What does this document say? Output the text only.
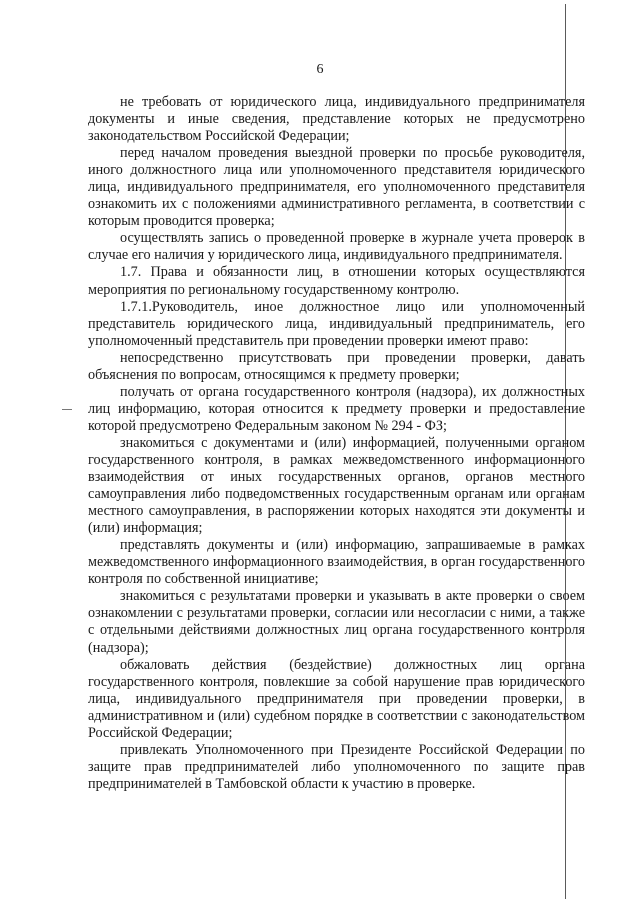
6

не требовать от юридического лица, индивидуального предпринимателя документы и иные сведения, представление которых не предусмотрено законодательством Российской Федерации;

перед началом проведения выездной проверки по просьбе руководителя, иного должностного лица или уполномоченного представителя юридического лица, индивидуального предпринимателя, его уполномоченного представителя ознакомить их с положениями административного регламента, в соответствии с которым проводится проверка;

осуществлять запись о проведенной проверке в журнале учета проверок в случае его наличия у юридического лица, индивидуального предпринимателя.

1.7. Права и обязанности лиц, в отношении которых осуществляются мероприятия по региональному государственному контролю.

1.7.1.Руководитель, иное должностное лицо или уполномоченный представитель юридического лица, индивидуальный предприниматель, его уполномоченный представитель при проведении проверки имеют право:

непосредственно присутствовать при проведении проверки, давать объяснения по вопросам, относящимся к предмету проверки;

получать от органа государственного контроля (надзора), их должностных лиц информацию, которая относится к предмету проверки и предоставление которой предусмотрено Федеральным законом № 294 - ФЗ;

знакомиться с документами и (или) информацией, полученными органом государственного контроля, в рамках межведомственного информационного взаимодействия от иных государственных органов, органов местного самоуправления либо подведомственных государственным органам или органам местного самоуправления, в распоряжении которых находятся эти документы и (или) информация;

представлять документы и (или) информацию, запрашиваемые в рамках межведомственного информационного взаимодействия, в орган государственного контроля по собственной инициативе;

знакомиться с результатами проверки и указывать в акте проверки о своем ознакомлении с результатами проверки, согласии или несогласии с ними, а также с отдельными действиями должностных лиц органа государственного контроля (надзора);

обжаловать действия (бездействие) должностных лиц органа государственного контроля, повлекшие за собой нарушение прав юридического лица, индивидуального предпринимателя при проведении проверки, в административном и (или) судебном порядке в соответствии с законодательством Российской Федерации;

привлекать Уполномоченного при Президенте Российской Федерации по защите прав предпринимателей либо уполномоченного по защите прав предпринимателей в Тамбовской области к участию в проверке.
